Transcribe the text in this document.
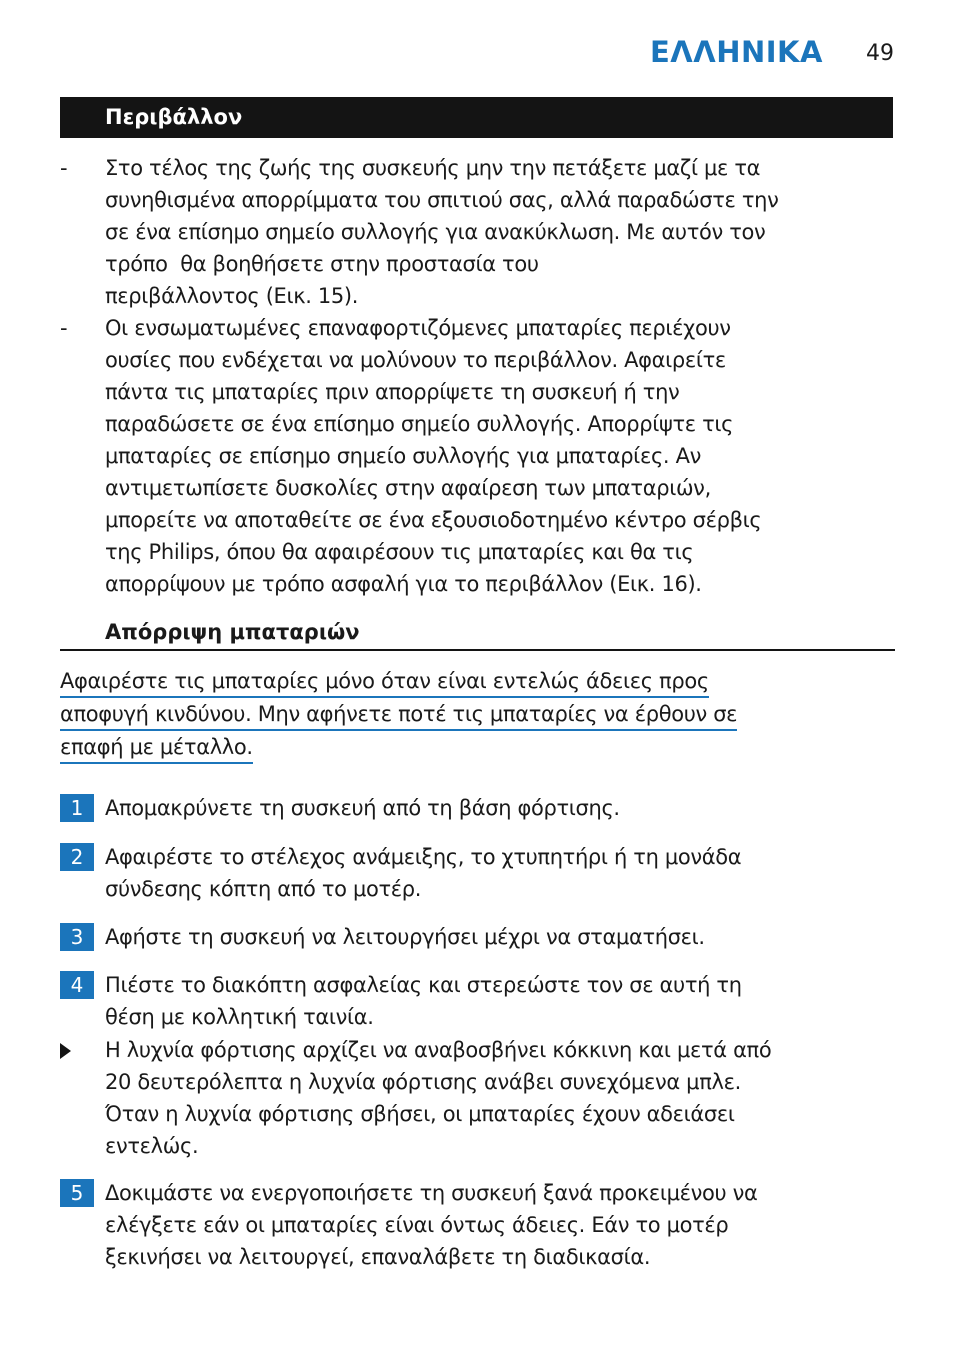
ΕΛΛΗΝΙΚΑ 49
Περιβάλλον
- Στο τέλος της ζωής της συσκευής μην την πετάξετε μαζί με τα
συνηθισμένα απορρίμματα του σπιτιού σας, αλλά παραδώστε την
σε ένα επίσημο σημείο συλλογής για ανακύκλωση. Με αυτόν τον
τρόπο  θα βοηθήσετε στην προστασία του
περιβάλλοντος (Εικ. 15).
- Οι ενσωματωμένες επαναφορτιζόμενες μπαταρίες περιέχουν
ουσίες που ενδέχεται να μολύνουν το περιβάλλον. Αφαιρείτε
πάντα τις μπαταρίες πριν απορρίψετε τη συσκευή ή την
παραδώσετε σε ένα επίσημο σημείο συλλογής. Απορρίψτε τις
μπαταρίες σε επίσημο σημείο συλλογής για μπαταρίες. Αν
αντιμετωπίσετε δυσκολίες στην αφαίρεση των μπαταριών,
μπορείτε να αποταθείτε σε ένα εξουσιοδοτημένο κέντρο σέρβις
της Philips, όπου θα αφαιρέσουν τις μπαταρίες και θα τις
απορρίψουν με τρόπο ασφαλή για το περιβάλλον (Εικ. 16).
Απόρριψη μπαταριών
Αφαιρέστε τις μπαταρίες μόνο όταν είναι εντελώς άδειες προς
αποφυγή κινδύνου. Μην αφήνετε ποτέ τις μπαταρίες να έρθουν σε
επαφή με μέταλλο.
1	Απομακρύνετε τη συσκευή από τη βάση φόρτισης.
2	Αφαιρέστε το στέλεχος ανάμειξης, το χτυπητήρι ή τη μονάδα
σύνδεσης κόπτη από το μοτέρ.
3	Αφήστε τη συσκευή να λειτουργήσει μέχρι να σταματήσει.
4	Πιέστε το διακόπτη ασφαλείας και στερεώστε τον σε αυτή τη
θέση με κολλητική ταινία.
Η λυχνία φόρτισης αρχίζει να αναβοσβήνει κόκκινη και μετά από
20 δευτερόλεπτα η λυχνία φόρτισης ανάβει συνεχόμενα μπλε.
Όταν η λυχνία φόρτισης σβήσει, οι μπαταρίες έχουν αδειάσει
εντελώς.
5	Δοκιμάστε να ενεργοποιήσετε τη συσκευή ξανά προκειμένου να
ελέγξετε εάν οι μπαταρίες είναι όντως άδειες. Εάν το μοτέρ
ξεκινήσει να λειτουργεί, επαναλάβετε τη διαδικασία.
